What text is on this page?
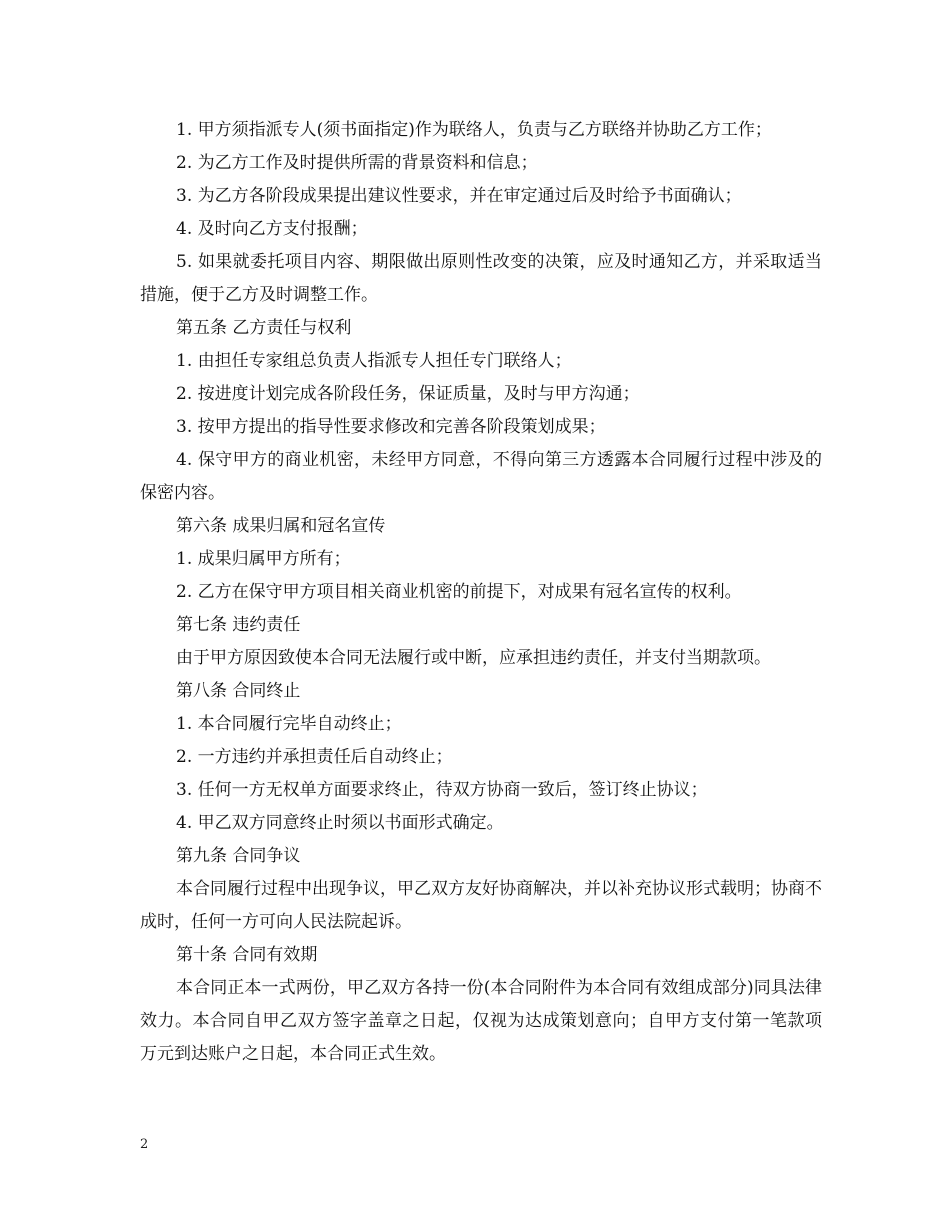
1. 甲方须指派专人(须书面指定)作为联络人，负责与乙方联络并协助乙方工作；

2. 为乙方工作及时提供所需的背景资料和信息；

3. 为乙方各阶段成果提出建议性要求，并在审定通过后及时给予书面确认；

4. 及时向乙方支付报酬；

5. 如果就委托项目内容、期限做出原则性改变的决策，应及时通知乙方，并采取适当措施，便于乙方及时调整工作。

第五条 乙方责任与权利

1. 由担任专家组总负责人指派专人担任专门联络人；

2. 按进度计划完成各阶段任务，保证质量，及时与甲方沟通；

3. 按甲方提出的指导性要求修改和完善各阶段策划成果；

4. 保守甲方的商业机密，未经甲方同意，不得向第三方透露本合同履行过程中涉及的保密内容。

第六条 成果归属和冠名宣传

1. 成果归属甲方所有；

2. 乙方在保守甲方项目相关商业机密的前提下，对成果有冠名宣传的权利。

第七条 违约责任

由于甲方原因致使本合同无法履行或中断，应承担违约责任，并支付当期款项。

第八条 合同终止

1. 本合同履行完毕自动终止；

2. 一方违约并承担责任后自动终止；

3. 任何一方无权单方面要求终止，待双方协商一致后，签订终止协议；

4. 甲乙双方同意终止时须以书面形式确定。

第九条 合同争议

本合同履行过程中出现争议，甲乙双方友好协商解决，并以补充协议形式载明；协商不成时，任何一方可向人民法院起诉。

第十条 合同有效期

本合同正本一式两份，甲乙双方各持一份(本合同附件为本合同有效组成部分)同具法律效力。本合同自甲乙双方签字盖章之日起，仅视为达成策划意向；自甲方支付第一笔款项 万元到达账户之日起，本合同正式生效。

2
